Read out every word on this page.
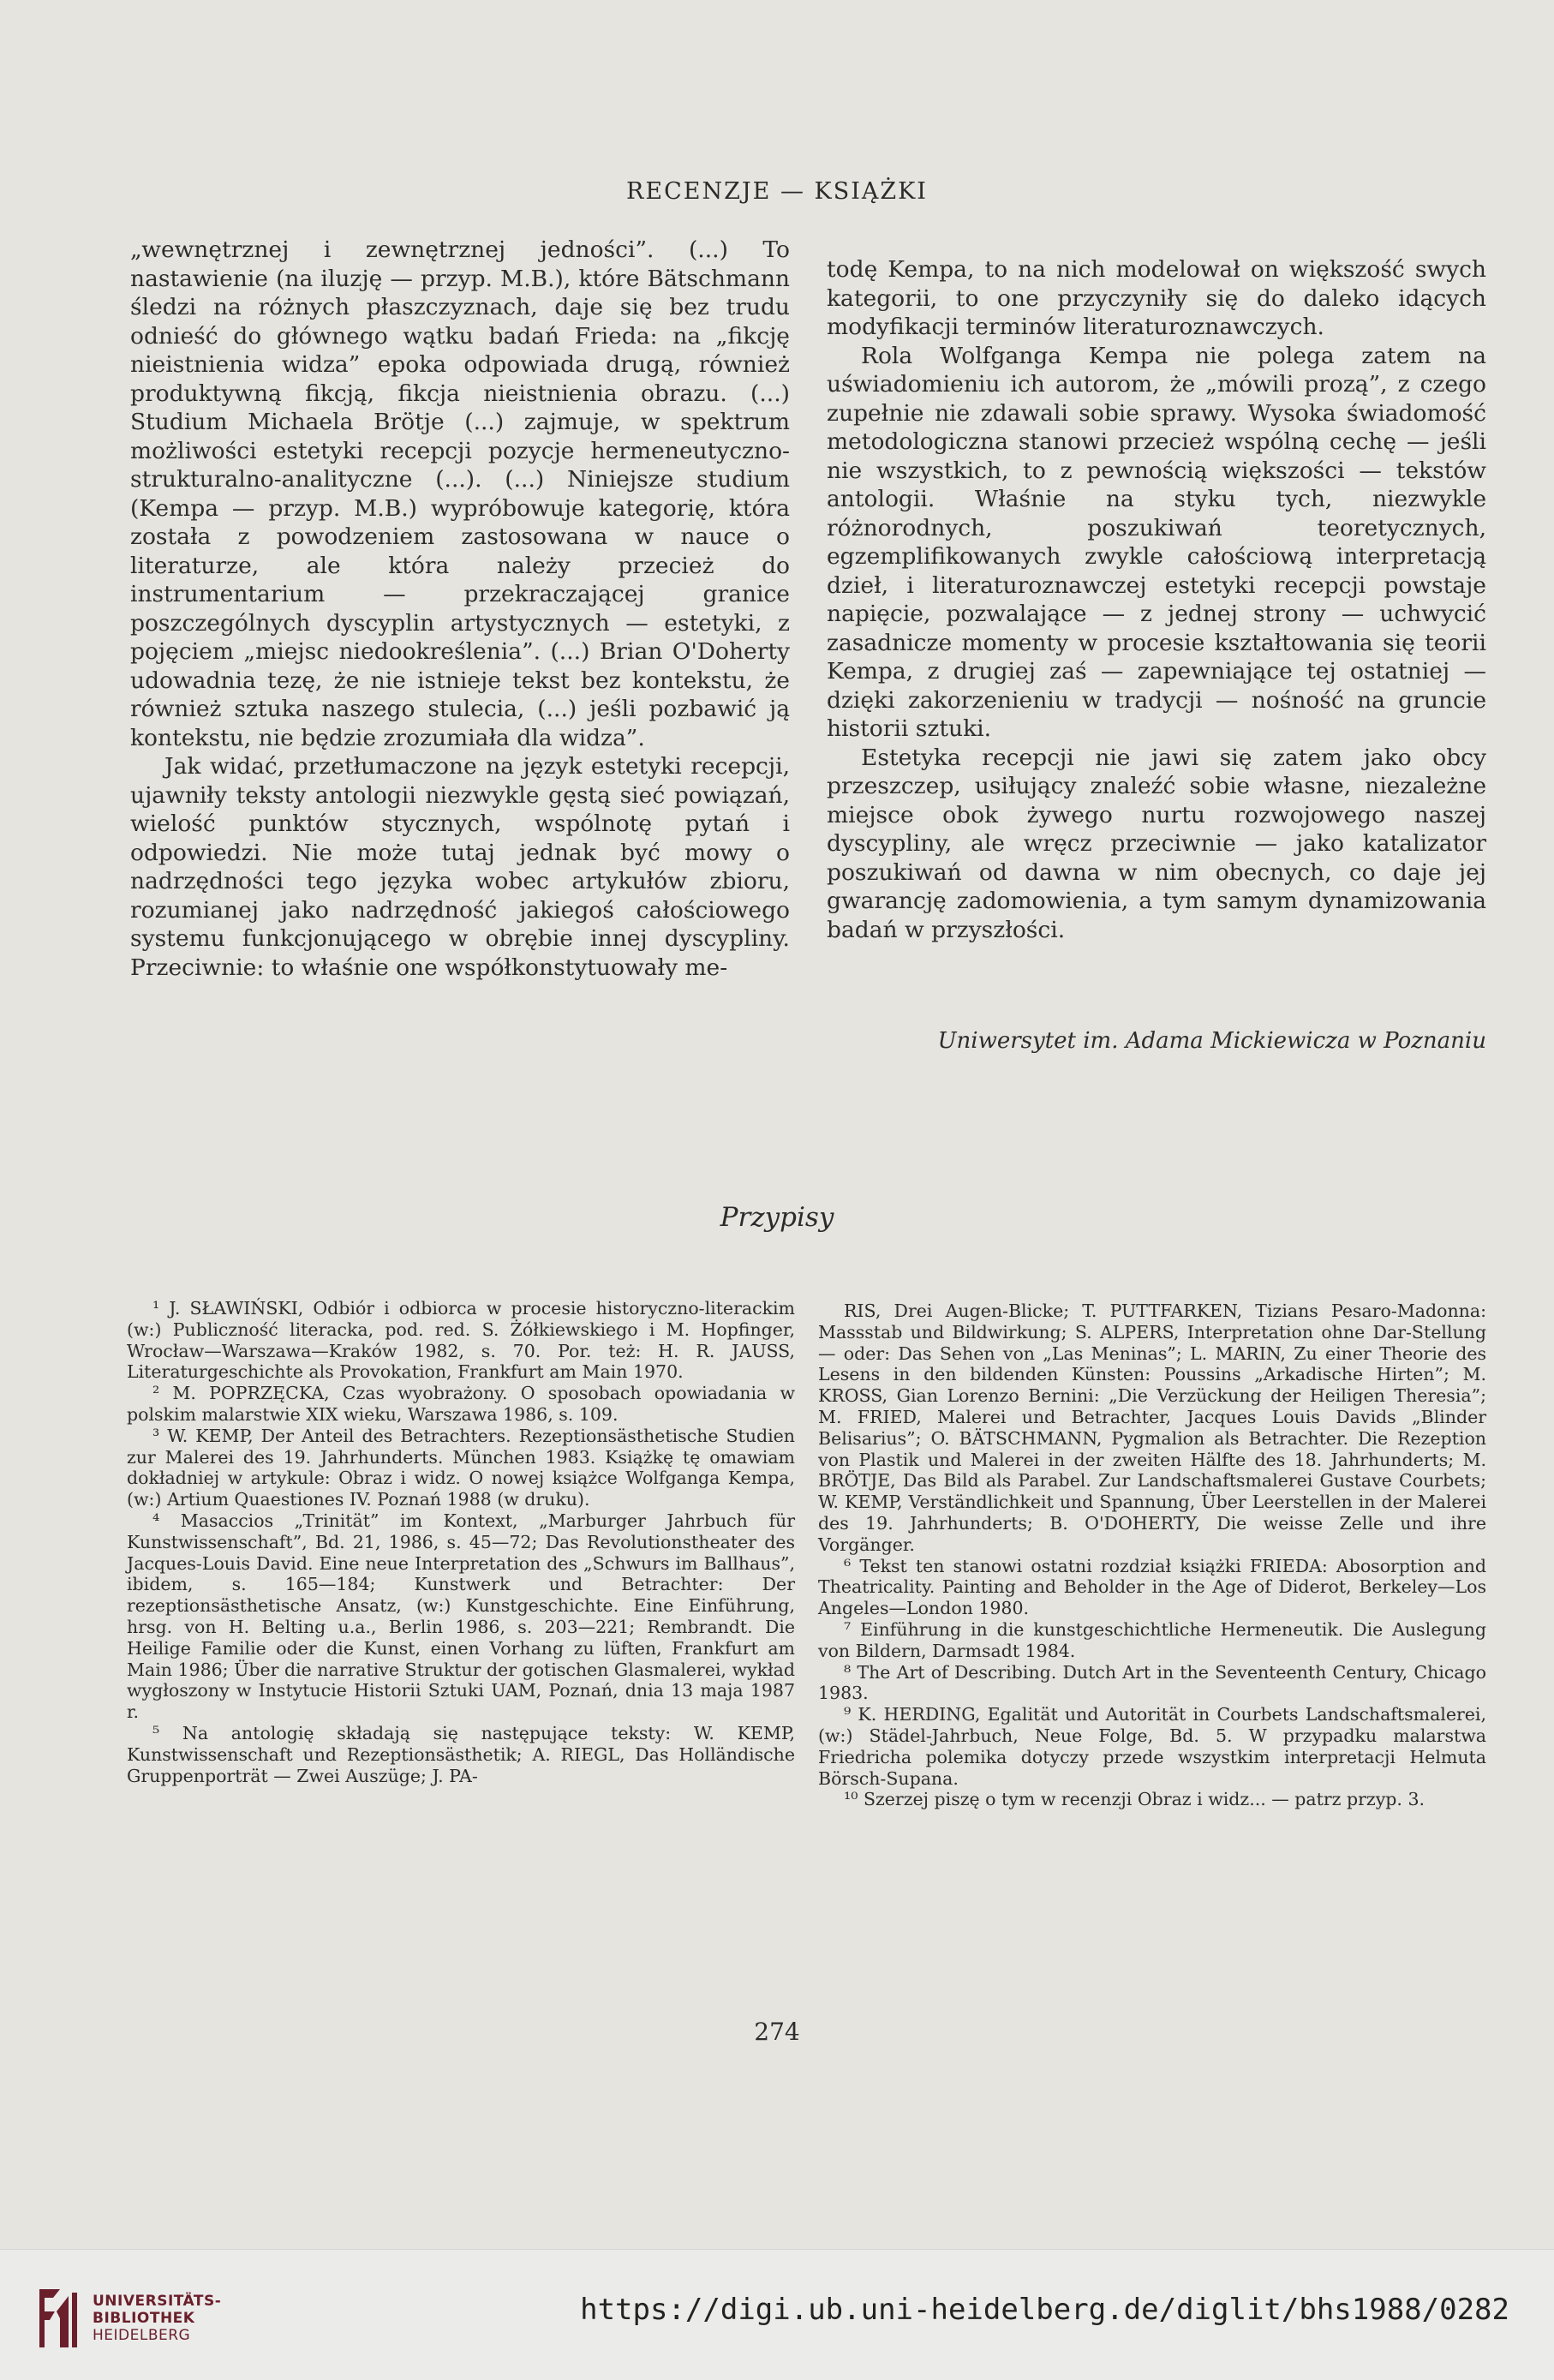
RECENZJE — KSIĄŻKI

„wewnętrznej i zewnętrznej jedności”. (...) To nastawienie (na iluzję — przyp. M.B.), które Bätschmann śledzi na różnych płaszczyznach, daje się bez trudu odnieść do głównego wątku badań Frieda: na „fikcję nieistnienia widza” epoka odpowiada drugą, również produktywną fikcją, fikcja nieistnienia obrazu. (...) Studium Michaela Brötje (...) zajmuje, w spektrum możliwości estetyki recepcji pozycje hermeneutyczno-strukturalno-analityczne (...). (...) Niniejsze studium (Kempa — przyp. M.B.) wypróbowuje kategorię, która została z powodzeniem zastosowana w nauce o literaturze, ale która należy przecież do instrumentarium — przekraczającej granice poszczególnych dyscyplin artystycznych — estetyki, z pojęciem „miejsc niedookreślenia”. (...) Brian O'Doherty udowadnia tezę, że nie istnieje tekst bez kontekstu, że również sztuka naszego stulecia, (...) jeśli pozbawić ją kontekstu, nie będzie zrozumiała dla widza”.

Jak widać, przetłumaczone na język estetyki recepcji, ujawniły teksty antologii niezwykle gęstą sieć powiązań, wielość punktów stycznych, wspólnotę pytań i odpowiedzi. Nie może tutaj jednak być mowy o nadrzędności tego języka wobec artykułów zbioru, rozumianej jako nadrzędność jakiegoś całościowego systemu funkcjonującego w obrębie innej dyscypliny. Przeciwnie: to właśnie one współkonstytuowały me-

todę Kempa, to na nich modelował on większość swych kategorii, to one przyczyniły się do daleko idących modyfikacji terminów literaturoznawczych.

Rola Wolfganga Kempa nie polega zatem na uświadomieniu ich autorom, że „mówili prozą”, z czego zupełnie nie zdawali sobie sprawy. Wysoka świadomość metodologiczna stanowi przecież wspólną cechę — jeśli nie wszystkich, to z pewnością większości — tekstów antologii. Właśnie na styku tych, niezwykle różnorodnych, poszukiwań teoretycznych, egzemplifikowanych zwykle całościową interpretacją dzieł, i literaturoznawczej estetyki recepcji powstaje napięcie, pozwalające — z jednej strony — uchwycić zasadnicze momenty w procesie kształtowania się teorii Kempa, z drugiej zaś — zapewniające tej ostatniej — dzięki zakorzenieniu w tradycji — nośność na gruncie historii sztuki.

Estetyka recepcji nie jawi się zatem jako obcy przeszczep, usiłujący znaleźć sobie własne, niezależne miejsce obok żywego nurtu rozwojowego naszej dyscypliny, ale wręcz przeciwnie — jako katalizator poszukiwań od dawna w nim obecnych, co daje jej gwarancję zadomowienia, a tym samym dynamizowania badań w przyszłości.

Uniwersytet im. Adama Mickiewicza w Poznaniu
Przypisy

¹ J. SŁAWIŃSKI, Odbiór i odbiorca w procesie historyczno-literackim (w:) Publiczność literacka, pod. red. S. Żółkiewskiego i M. Hopfinger, Wrocław—Warszawa—Kraków 1982, s. 70. Por. też: H. R. JAUSS, Literaturgeschichte als Provokation, Frankfurt am Main 1970.

² M. POPRZĘCKA, Czas wyobrażony. O sposobach opowiadania w polskim malarstwie XIX wieku, Warszawa 1986, s. 109.

³ W. KEMP, Der Anteil des Betrachters. Rezeptionsästhetische Studien zur Malerei des 19. Jahrhunderts. München 1983. Książkę tę omawiam dokładniej w artykule: Obraz i widz. O nowej książce Wolfganga Kempa, (w:) Artium Quaestiones IV. Poznań 1988 (w druku).

⁴ Masaccios „Trinität” im Kontext, „Marburger Jahrbuch für Kunstwissenschaft”, Bd. 21, 1986, s. 45—72; Das Revolutionstheater des Jacques-Louis David. Eine neue Interpretation des „Schwurs im Ballhaus”, ibidem, s. 165—184; Kunstwerk und Betrachter: Der rezeptionsästhetische Ansatz, (w:) Kunstgeschichte. Eine Einführung, hrsg. von H. Belting u.a., Berlin 1986, s. 203—221; Rembrandt. Die Heilige Familie oder die Kunst, einen Vorhang zu lüften, Frankfurt am Main 1986; Über die narrative Struktur der gotischen Glasmalerei, wykład wygłoszony w Instytucie Historii Sztuki UAM, Poznań, dnia 13 maja 1987 r.

⁵ Na antologię składają się następujące teksty: W. KEMP, Kunstwissenschaft und Rezeptionsästhetik; A. RIEGL, Das Holländische Gruppenporträt — Zwei Auszüge; J. PA-

RIS, Drei Augen-Blicke; T. PUTTFARKEN, Tizians Pesaro-Madonna: Massstab und Bildwirkung; S. ALPERS, Interpretation ohne Dar-Stellung — oder: Das Sehen von „Las Meninas”; L. MARIN, Zu einer Theorie des Lesens in den bildenden Künsten: Poussins „Arkadische Hirten”; M. KROSS, Gian Lorenzo Bernini: „Die Verzückung der Heiligen Theresia”; M. FRIED, Malerei und Betrachter, Jacques Louis Davids „Blinder Belisarius”; O. BÄTSCHMANN, Pygmalion als Betrachter. Die Rezeption von Plastik und Malerei in der zweiten Hälfte des 18. Jahrhunderts; M. BRÖTJE, Das Bild als Parabel. Zur Landschaftsmalerei Gustave Courbets; W. KEMP, Verständlichkeit und Spannung, Über Leerstellen in der Malerei des 19. Jahrhunderts; B. O'DOHERTY, Die weisse Zelle und ihre Vorgänger.

⁶ Tekst ten stanowi ostatni rozdział książki FRIEDA: Abosorption and Theatricality. Painting and Beholder in the Age of Diderot, Berkeley—Los Angeles—London 1980.

⁷ Einführung in die kunstgeschichtliche Hermeneutik. Die Auslegung von Bildern, Darmsadt 1984.

⁸ The Art of Describing. Dutch Art in the Seventeenth Century, Chicago 1983.

⁹ K. HERDING, Egalität und Autorität in Courbets Landschaftsmalerei, (w:) Städel-Jahrbuch, Neue Folge, Bd. 5. W przypadku malarstwa Friedricha polemika dotyczy przede wszystkim interpretacji Helmuta Börsch-Supana.

¹⁰ Szerzej piszę o tym w recenzji Obraz i widz... — patrz przyp. 3.

274
UNIVERSITÄTS-
BIBLIOTHEK
HEIDELBERG
https://digi.ub.uni-heidelberg.de/diglit/bhs1988/0282
